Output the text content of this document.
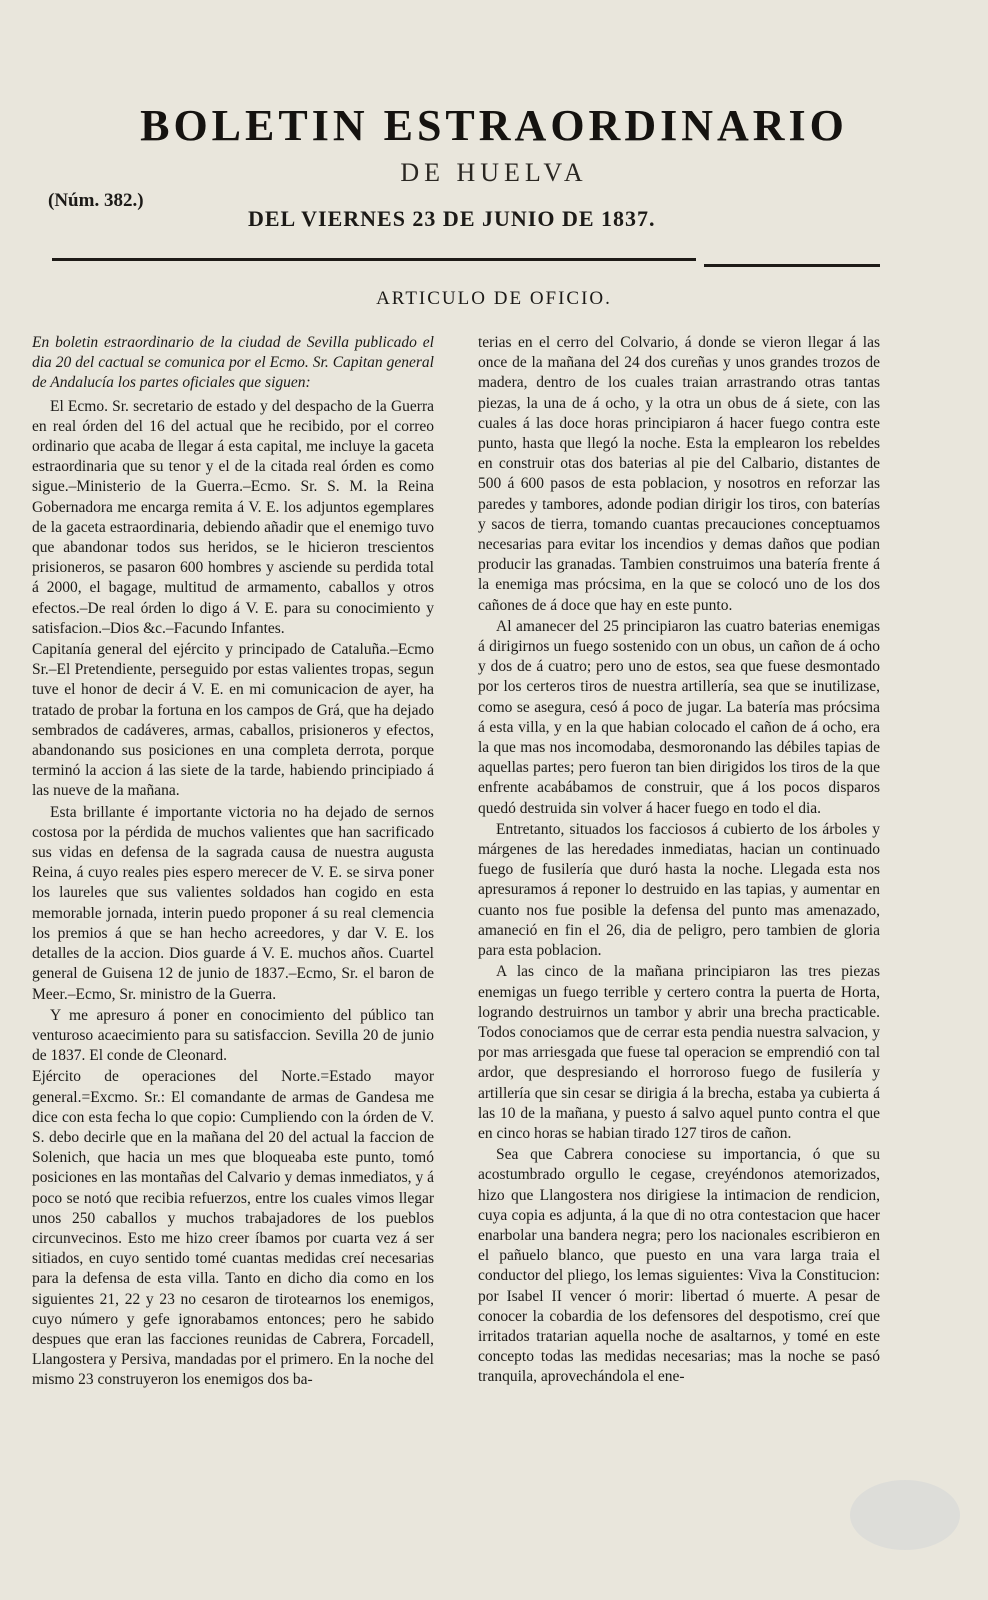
BOLETIN ESTRAORDINARIO
DE HUELVA
(Núm. 382.)
DEL VIERNES 23 DE JUNIO DE 1837.
ARTICULO DE OFICIO.

En boletin estraordinario de la ciudad de Sevilla publicado el dia 20 del cactual se comunica por el Ecmo. Sr. Capitan general de Andalucía los partes oficiales que siguen:

El Ecmo. Sr. secretario de estado y del despacho de la Guerra en real órden del 16 del actual que he recibido, por el correo ordinario que acaba de llegar á esta capital, me incluye la gaceta estraordinaria que su tenor y el de la citada real órden es como sigue.–Ministerio de la Guerra.–Ecmo. Sr. S. M. la Reina Gobernadora me encarga remita á V. E. los adjuntos egemplares de la gaceta estraordinaria, debiendo añadir que el enemigo tuvo que abandonar todos sus heridos, se le hicieron trescientos prisioneros, se pasaron 600 hombres y asciende su perdida total á 2000, el bagage, multitud de armamento, caballos y otros efectos.–De real órden lo digo á V. E. para su conocimiento y satisfacion.–Dios &c.–Facundo Infantes.

Capitanía general del ejército y principado de Cataluña.–Ecmo Sr.–El Pretendiente, perseguido por estas valientes tropas, segun tuve el honor de decir á V. E. en mi comunicacion de ayer, ha tratado de probar la fortuna en los campos de Grá, que ha dejado sembrados de cadáveres, armas, caballos, prisioneros y efectos, abandonando sus posiciones en una completa derrota, porque terminó la accion á las siete de la tarde, habiendo principiado á las nueve de la mañana.

Esta brillante é importante victoria no ha dejado de sernos costosa por la pérdida de muchos valientes que han sacrificado sus vidas en defensa de la sagrada causa de nuestra augusta Reina, á cuyo reales pies espero merecer de V. E. se sirva poner los laureles que sus valientes soldados han cogido en esta memorable jornada, interin puedo proponer á su real clemencia los premios á que se han hecho acreedores, y dar V. E. los detalles de la accion. Dios guarde á V. E. muchos años. Cuartel general de Guisena 12 de junio de 1837.–Ecmo, Sr. el baron de Meer.–Ecmo, Sr. ministro de la Guerra.

Y me apresuro á poner en conocimiento del público tan venturoso acaecimiento para su satisfaccion. Sevilla 20 de junio de 1837. El conde de Cleonard.

Ejército de operaciones del Norte.=Estado mayor general.=Excmo. Sr.: El comandante de armas de Gandesa me dice con esta fecha lo que copio: Cumpliendo con la órden de V. S. debo decirle que en la mañana del 20 del actual la faccion de Solenich, que hacia un mes que bloqueaba este punto, tomó posiciones en las montañas del Calvario y demas inmediatos, y á poco se notó que recibia refuerzos, entre los cuales vimos llegar unos 250 caballos y muchos trabajadores de los pueblos circunvecinos. Esto me hizo creer íbamos por cuarta vez á ser sitiados, en cuyo sentido tomé cuantas medidas creí necesarias para la defensa de esta villa. Tanto en dicho dia como en los siguientes 21, 22 y 23 no cesaron de tirotearnos los enemigos, cuyo número y gefe ignorabamos entonces; pero he sabido despues que eran las facciones reunidas de Cabrera, Forcadell, Llangostera y Persiva, mandadas por el primero. En la noche del mismo 23 construyeron los enemigos dos ba-

terias en el cerro del Colvario, á donde se vieron llegar á las once de la mañana del 24 dos cureñas y unos grandes trozos de madera, dentro de los cuales traian arrastrando otras tantas piezas, la una de á ocho, y la otra un obus de á siete, con las cuales á las doce horas principiaron á hacer fuego contra este punto, hasta que llegó la noche. Esta la emplearon los rebeldes en construir otas dos baterias al pie del Calbario, distantes de 500 á 600 pasos de esta poblacion, y nosotros en reforzar las paredes y tambores, adonde podian dirigir los tiros, con baterías y sacos de tierra, tomando cuantas precauciones conceptuamos necesarias para evitar los incendios y demas daños que podian producir las granadas. Tambien construimos una batería frente á la enemiga mas prócsima, en la que se colocó uno de los dos cañones de á doce que hay en este punto.

Al amanecer del 25 principiaron las cuatro baterias enemigas á dirigirnos un fuego sostenido con un obus, un cañon de á ocho y dos de á cuatro; pero uno de estos, sea que fuese desmontado por los certeros tiros de nuestra artillería, sea que se inutilizase, como se asegura, cesó á poco de jugar. La batería mas prócsima á esta villa, y en la que habian colocado el cañon de á ocho, era la que mas nos incomodaba, desmoronando las débiles tapias de aquellas partes; pero fueron tan bien dirigidos los tiros de la que enfrente acabábamos de construir, que á los pocos disparos quedó destruida sin volver á hacer fuego en todo el dia.

Entretanto, situados los facciosos á cubierto de los árboles y márgenes de las heredades inmediatas, hacian un continuado fuego de fusilería que duró hasta la noche. Llegada esta nos apresuramos á reponer lo destruido en las tapias, y aumentar en cuanto nos fue posible la defensa del punto mas amenazado, amaneció en fin el 26, dia de peligro, pero tambien de gloria para esta poblacion.

A las cinco de la mañana principiaron las tres piezas enemigas un fuego terrible y certero contra la puerta de Horta, logrando destruirnos un tambor y abrir una brecha practicable. Todos conociamos que de cerrar esta pendia nuestra salvacion, y por mas arriesgada que fuese tal operacion se emprendió con tal ardor, que despresiando el horroroso fuego de fusilería y artillería que sin cesar se dirigia á la brecha, estaba ya cubierta á las 10 de la mañana, y puesto á salvo aquel punto contra el que en cinco horas se habian tirado 127 tiros de cañon.

Sea que Cabrera conociese su importancia, ó que su acostumbrado orgullo le cegase, creyéndonos atemorizados, hizo que Llangostera nos dirigiese la intimacion de rendicion, cuya copia es adjunta, á la que di no otra contestacion que hacer enarbolar una bandera negra; pero los nacionales escribieron en el pañuelo blanco, que puesto en una vara larga traia el conductor del pliego, los lemas siguientes: Viva la Constitucion: por Isabel II vencer ó morir: libertad ó muerte. A pesar de conocer la cobardia de los defensores del despotismo, creí que irritados tratarian aquella noche de asaltarnos, y tomé en este concepto todas las medidas necesarias; mas la noche se pasó tranquila, aprovechándola el ene-
